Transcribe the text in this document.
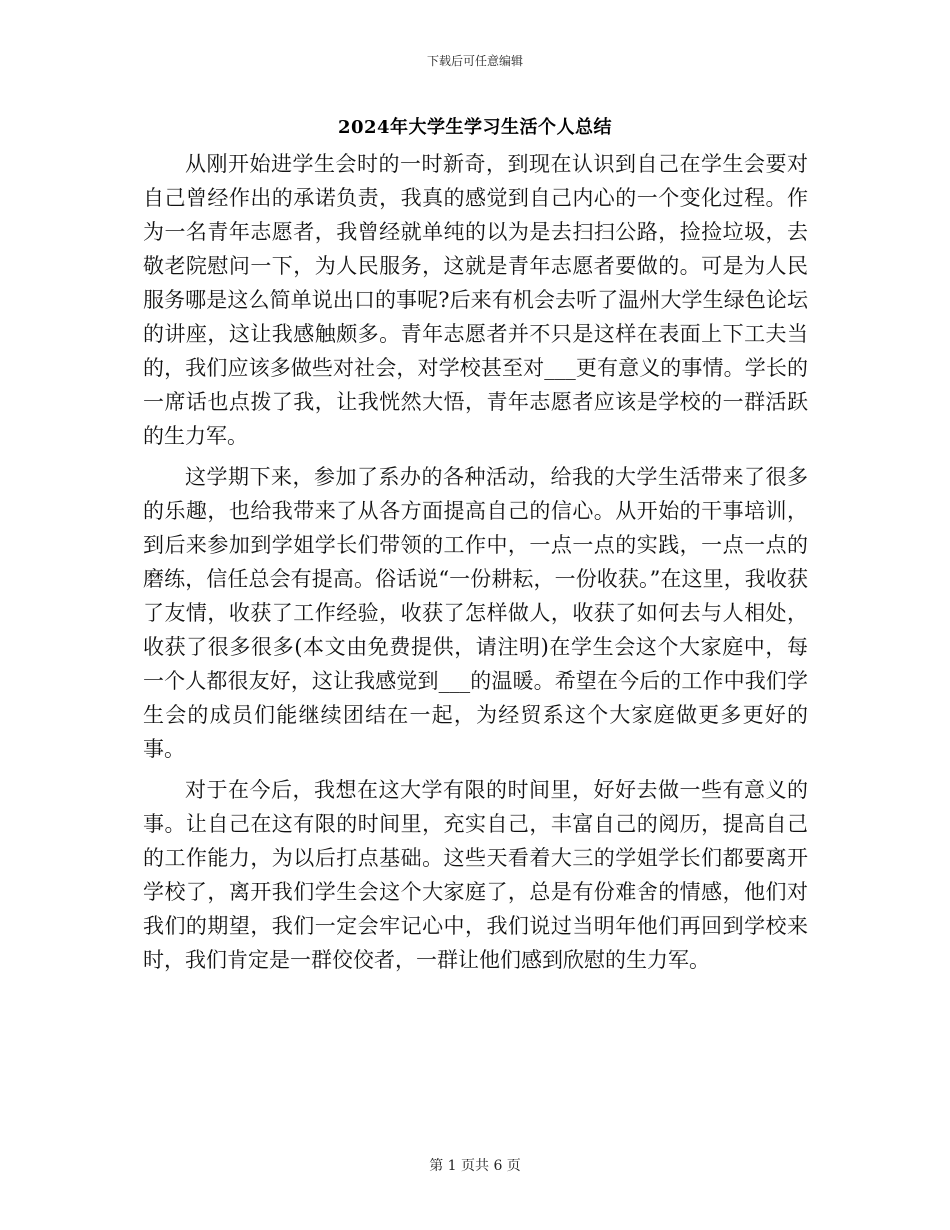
下载后可任意编辑
2024年大学生学习生活个人总结

从刚开始进学生会时的一时新奇，到现在认识到自己在学生会要对自己曾经作出的承诺负责，我真的感觉到自己内心的一个变化过程。作为一名青年志愿者，我曾经就单纯的以为是去扫扫公路，捡捡垃圾，去敬老院慰问一下，为人民服务，这就是青年志愿者要做的。可是为人民服务哪是这么简单说出口的事呢?后来有机会去听了温州大学生绿色论坛的讲座，这让我感触颇多。青年志愿者并不只是这样在表面上下工夫当的，我们应该多做些对社会，对学校甚至对___更有意义的事情。学长的一席话也点拨了我，让我恍然大悟，青年志愿者应该是学校的一群活跃的生力军。

这学期下来，参加了系办的各种活动，给我的大学生活带来了很多的乐趣，也给我带来了从各方面提高自己的信心。从开始的干事培训，到后来参加到学姐学长们带领的工作中，一点一点的实践，一点一点的磨练，信任总会有提高。俗话说“一份耕耘，一份收获。”在这里，我收获了友情，收获了工作经验，收获了怎样做人，收获了如何去与人相处，收获了很多很多(本文由免费提供，请注明)在学生会这个大家庭中，每一个人都很友好，这让我感觉到___的温暖。希望在今后的工作中我们学生会的成员们能继续团结在一起，为经贸系这个大家庭做更多更好的事。

对于在今后，我想在这大学有限的时间里，好好去做一些有意义的事。让自己在这有限的时间里，充实自己，丰富自己的阅历，提高自己的工作能力，为以后打点基础。这些天看着大三的学姐学长们都要离开学校了，离开我们学生会这个大家庭了，总是有份难舍的情感，他们对我们的期望，我们一定会牢记心中，我们说过当明年他们再回到学校来时，我们肯定是一群佼佼者，一群让他们感到欣慰的生力军。

第 1 页共 6 页
